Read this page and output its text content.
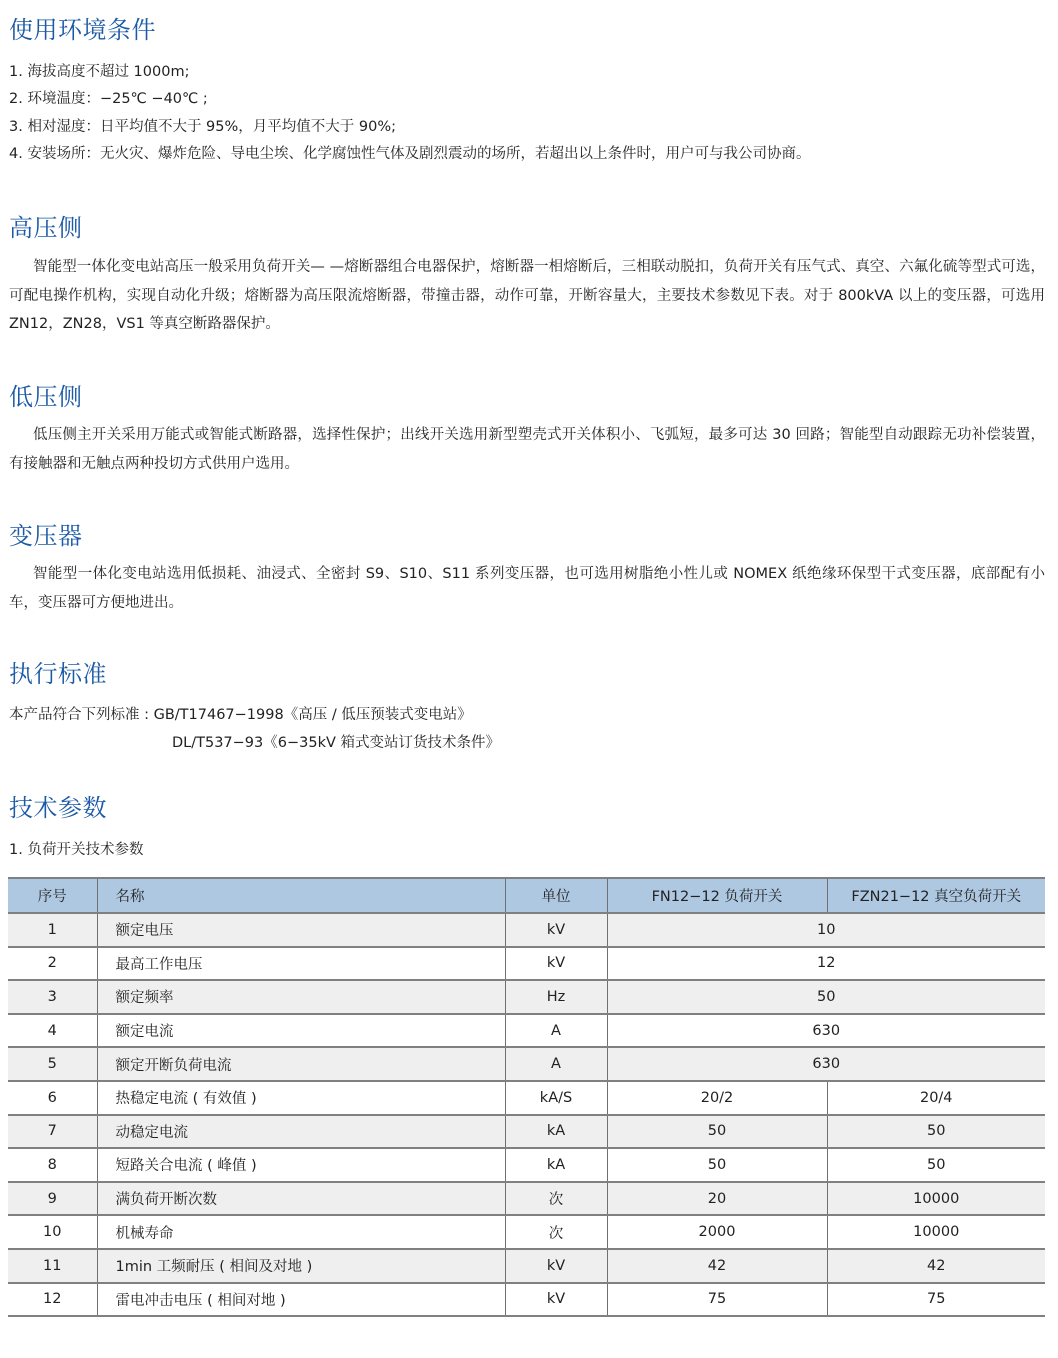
使用环境条件
1. 海拔高度不超过 1000m;
2. 环境温度：−25℃ −40℃ ;
3. 相对湿度：日平均值不大于 95%，月平均值不大于 90%;
4. 安装场所：无火灾、爆炸危险、导电尘埃、化学腐蚀性气体及剧烈震动的场所，若超出以上条件时，用户可与我公司协商。
高压侧
智能型一体化变电站高压一般采用负荷开关— —熔断器组合电器保护，熔断器一相熔断后，三相联动脱扣，负荷开关有压气式、真空、六氟化硫等型式可选，可配电操作机构，实现自动化升级；熔断器为高压限流熔断器，带撞击器，动作可靠，开断容量大，主要技术参数见下表。对于 800kVA 以上的变压器，可选用 ZN12，ZN28，VS1 等真空断路器保护。
低压侧
低压侧主开关采用万能式或智能式断路器，选择性保护；出线开关选用新型塑壳式开关体积小、飞弧短，最多可达 30 回路；智能型自动跟踪无功补偿装置，有接触器和无触点两种投切方式供用户选用。
变压器
智能型一体化变电站选用低损耗、油浸式、全密封 S9、S10、S11 系列变压器，也可选用树脂绝小性儿或 NOMEX 纸绝缘环保型干式变压器，底部配有小车，变压器可方便地进出。
执行标准
本产品符合下列标准 : GB/T17467−1998《高压 / 低压预装式变电站》
DL/T537−93《6−35kV 箱式变站订货技术条件》
技术参数
1. 负荷开关技术参数
序号	名称	单位	FN12−12 负荷开关	FZN21−12 真空负荷开关
1	额定电压	kV	10	
2	最高工作电压	kV	12	
3	额定频率	Hz	50	
4	额定电流	A	630	
5	额定开断负荷电流	A	630	
6	热稳定电流 ( 有效值 )	kA/S	20/2	20/4
7	动稳定电流	kA	50	50
8	短路关合电流 ( 峰值 )	kA	50	50
9	满负荷开断次数	次	20	10000
10	机械寿命	次	2000	10000
11	1min 工频耐压 ( 相间及对地 )	kV	42	42
12	雷电冲击电压 ( 相间对地 )	kV	75	75
